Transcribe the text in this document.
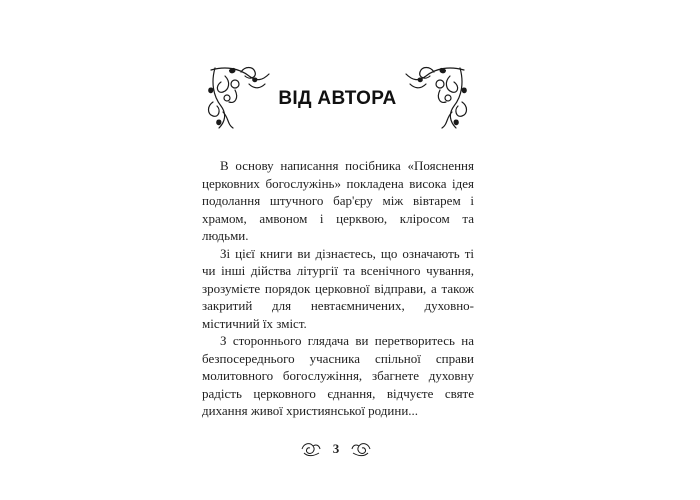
ВІД АВТОРА

В основу написання посібника «Пояснення церковних богослужінь» покладена висока ідея подолання штучного бар'єру між вівтарем і храмом, амвоном і церквою, кліросом та людьми.

Зі цієї книги ви дізнаєтесь, що означають ті чи інші дійства літургії та всенічного чування, зрозумієте порядок церковної відправи, а також закритий для невтаємничених, духовно-містичний їх зміст.

З стороннього глядача ви перетворитесь на безпосереднього учасника спільної справи молитовного богослужіння, збагнете духовну радість церковного єднання, відчуєте святе дихання живої християнської родини...

3
